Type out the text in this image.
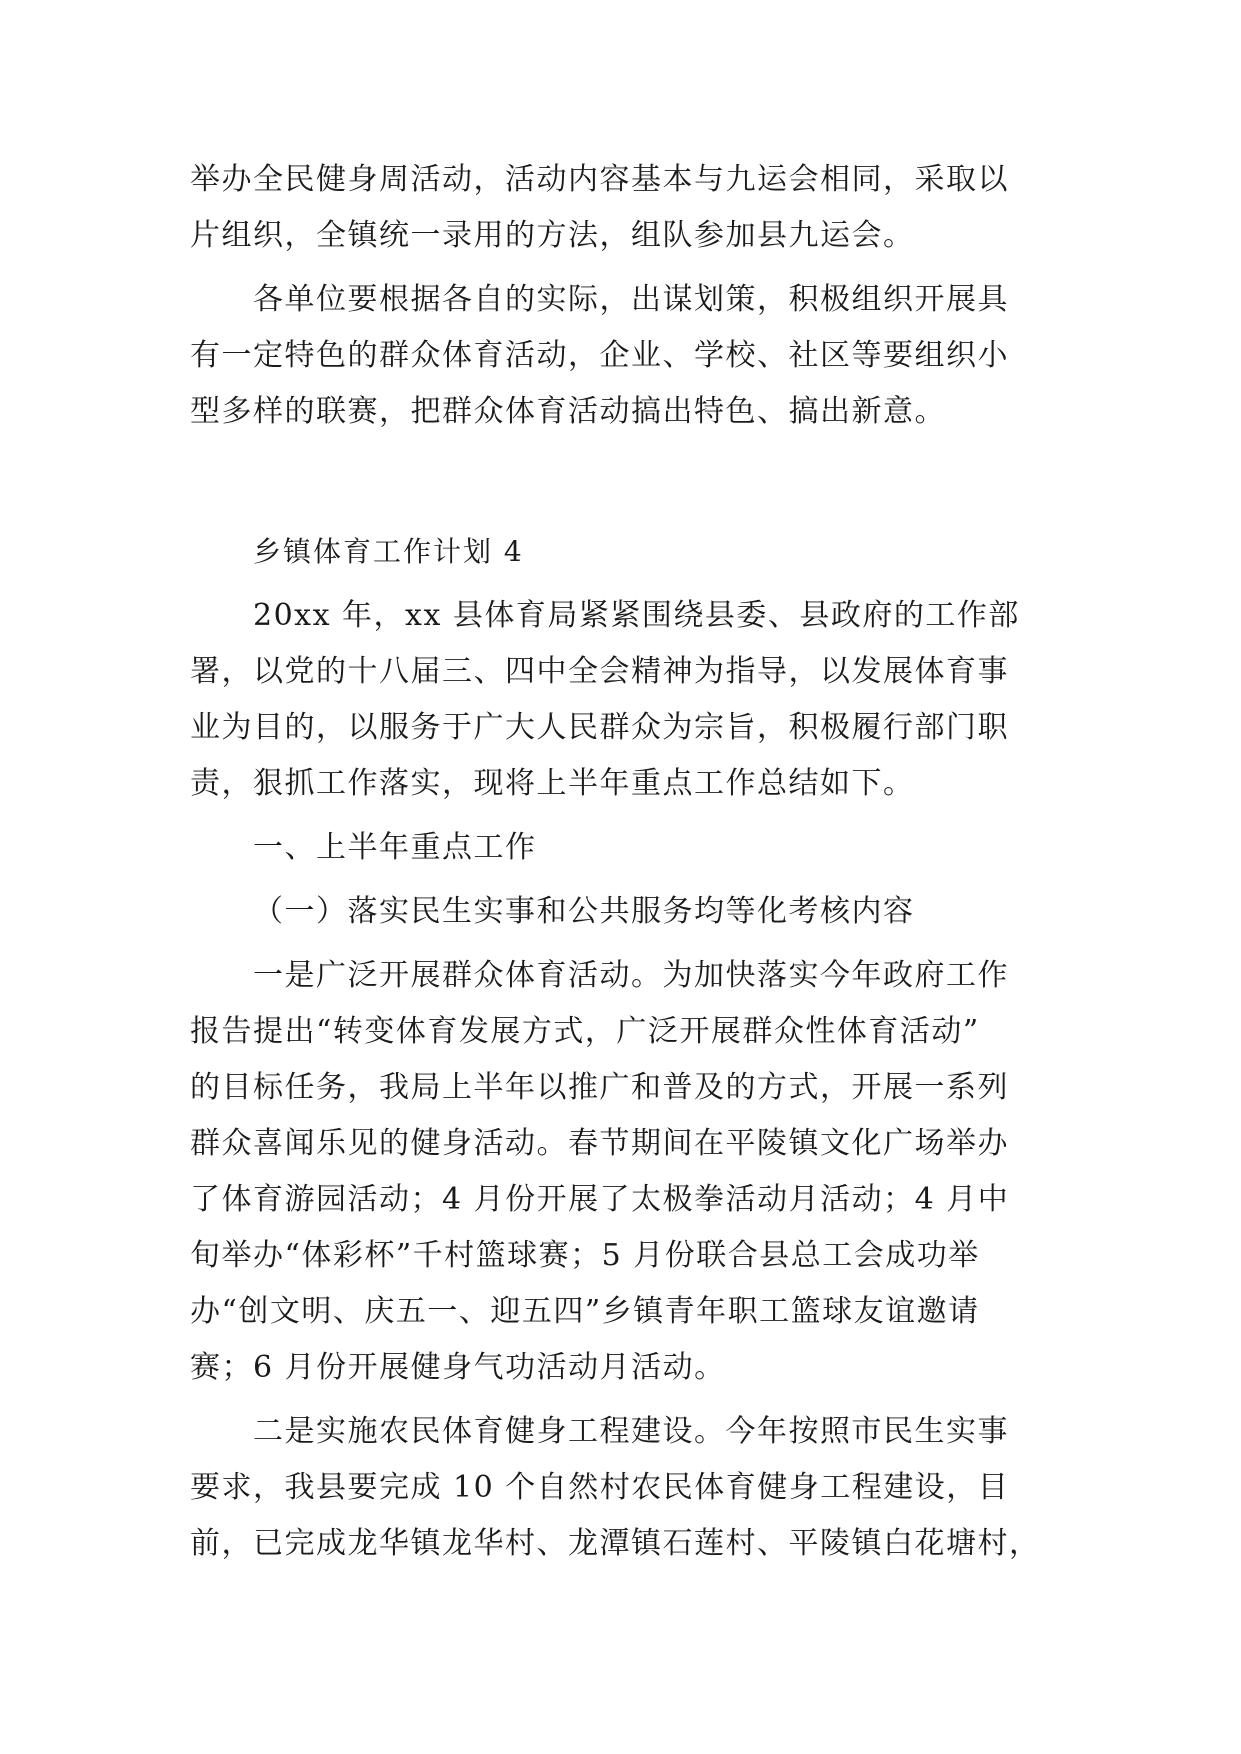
举办全民健身周活动，活动内容基本与九运会相同，采取以
片组织，全镇统一录用的方法，组队参加县九运会。
各单位要根据各自的实际，出谋划策，积极组织开展具
有一定特色的群众体育活动，企业、学校、社区等要组织小
型多样的联赛，把群众体育活动搞出特色、搞出新意。
乡镇体育工作计划 4
20xx 年，xx 县体育局紧紧围绕县委、县政府的工作部
署，以党的十八届三、四中全会精神为指导，以发展体育事
业为目的，以服务于广大人民群众为宗旨，积极履行部门职
责，狠抓工作落实，现将上半年重点工作总结如下。
一、上半年重点工作
（一）落实民生实事和公共服务均等化考核内容
一是广泛开展群众体育活动。为加快落实今年政府工作
报告提出“转变体育发展方式，广泛开展群众性体育活动”
的目标任务，我局上半年以推广和普及的方式，开展一系列
群众喜闻乐见的健身活动。春节期间在平陵镇文化广场举办
了体育游园活动；4 月份开展了太极拳活动月活动；4 月中
旬举办“体彩杯”千村篮球赛；5 月份联合县总工会成功举
办“创文明、庆五一、迎五四”乡镇青年职工篮球友谊邀请
赛；6 月份开展健身气功活动月活动。
二是实施农民体育健身工程建设。今年按照市民生实事
要求，我县要完成 10 个自然村农民体育健身工程建设，目
前，已完成龙华镇龙华村、龙潭镇石莲村、平陵镇白花塘村，
